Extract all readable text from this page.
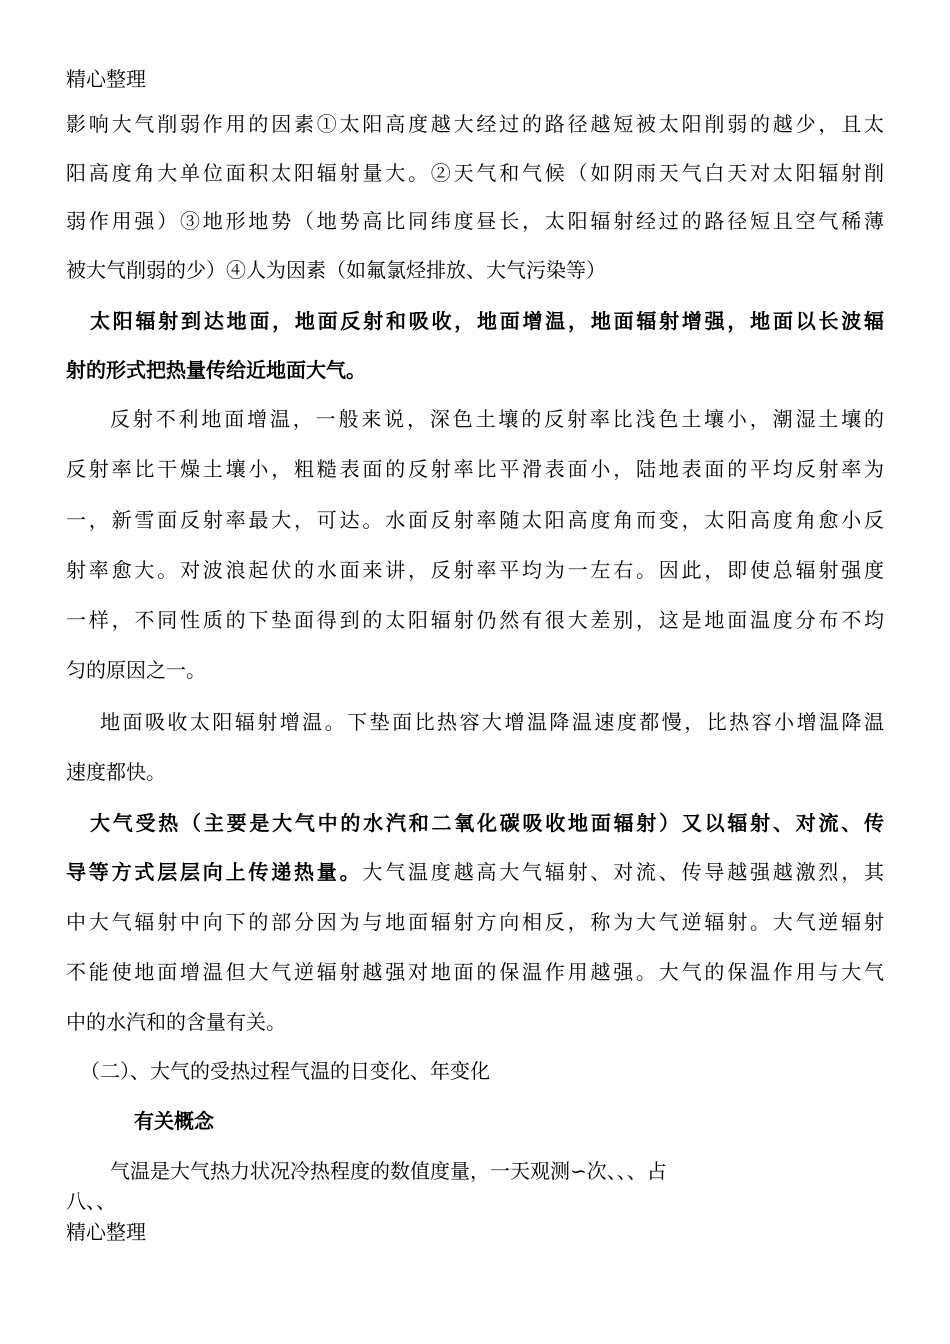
精心整理

影响大气削弱作用的因素①太阳高度越大经过的路径越短被太阳削弱的越少，且太

阳高度角大单位面积太阳辐射量大。②天气和气候（如阴雨天气白天对太阳辐射削

弱作用强）③地形地势（地势高比同纬度昼长，太阳辐射经过的路径短且空气稀薄

被大气削弱的少）④人为因素（如氟氯烃排放、大气污染等）

太阳辐射到达地面，地面反射和吸收，地面增温，地面辐射增强，地面以长波辐

射的形式把热量传给近地面大气。

反射不利地面增温，一般来说，深色土壤的反射率比浅色土壤小，潮湿土壤的

反射率比干燥土壤小，粗糙表面的反射率比平滑表面小，陆地表面的平均反射率为

一，新雪面反射率最大，可达。水面反射率随太阳高度角而变，太阳高度角愈小反

射率愈大。对波浪起伏的水面来讲，反射率平均为一左右。因此，即使总辐射强度

一样，不同性质的下垫面得到的太阳辐射仍然有很大差别，这是地面温度分布不均

匀的原因之一。

地面吸收太阳辐射增温。下垫面比热容大增温降温速度都慢，比热容小增温降温

速度都快。

大气受热（主要是大气中的水汽和二氧化碳吸收地面辐射）又以辐射、对流、传

导等方式层层向上传递热量。大气温度越高大气辐射、对流、传导越强越激烈，其

中大气辐射中向下的部分因为与地面辐射方向相反，称为大气逆辐射。大气逆辐射

不能使地面增温但大气逆辐射越强对地面的保温作用越强。大气的保温作用与大气

中的水汽和的含量有关。

（二）、大气的受热过程气温的日变化、年变化

有关概念

气温是大气热力状况冷热程度的数值度量，一天观测∽次、、、占

八、、

精心整理
